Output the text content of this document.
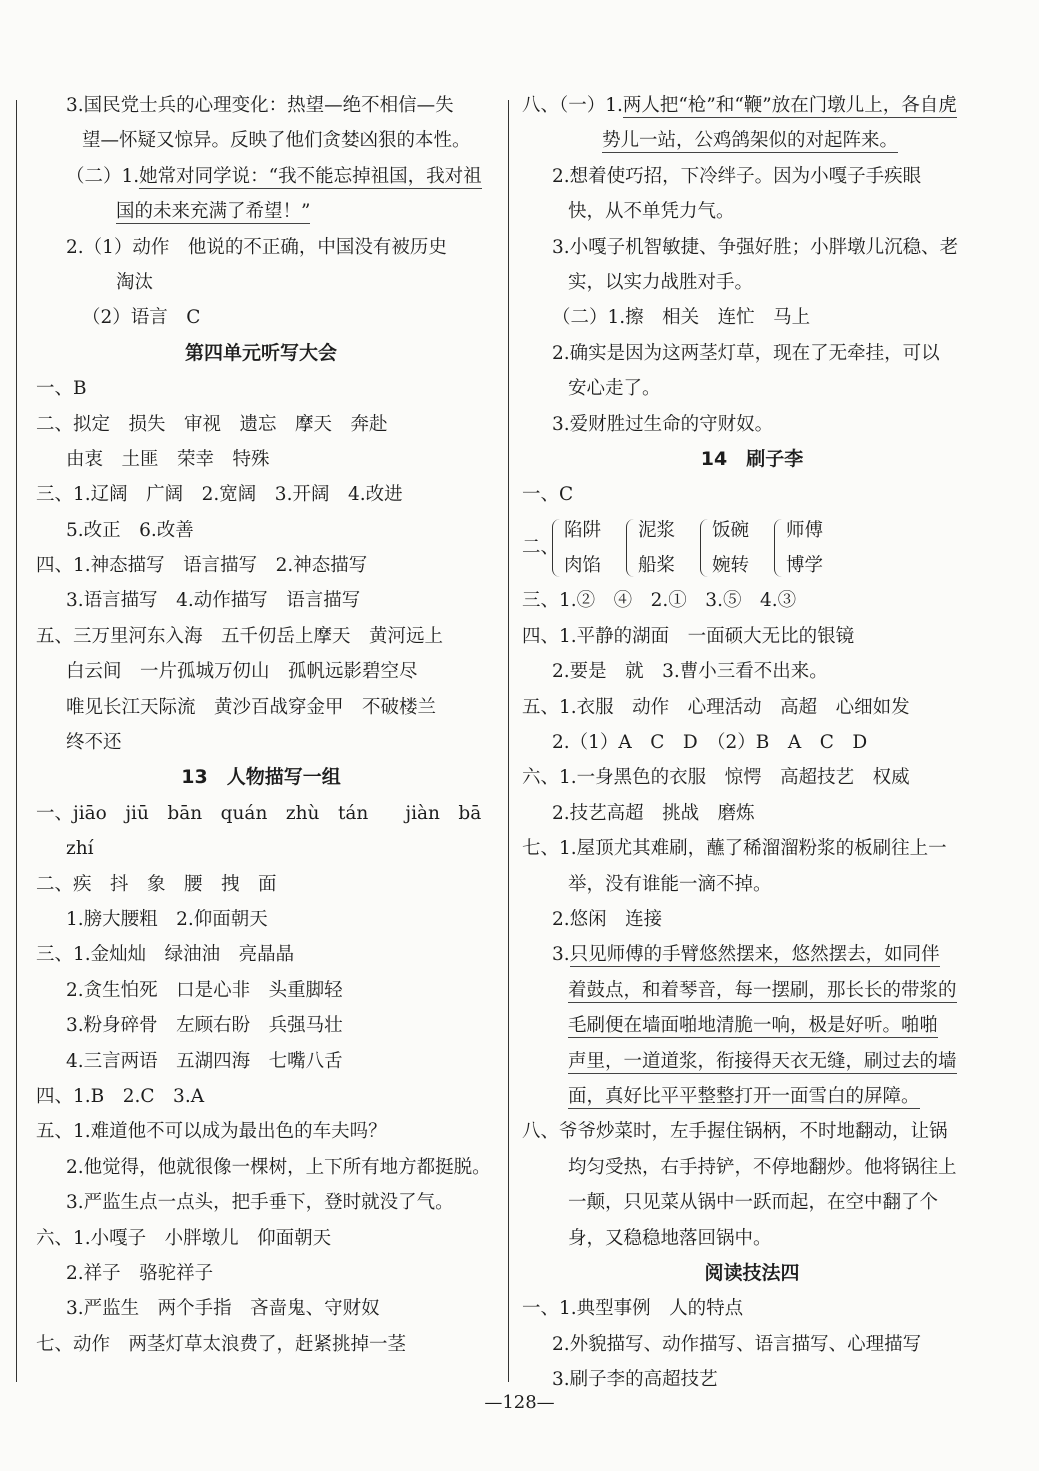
3.国民党士兵的心理变化：热望—绝不相信—失
望—怀疑又惊异。反映了他们贪婪凶狠的本性。
（二）1.她常对同学说：“我不能忘掉祖国，我对祖
国的未来充满了希望！”
2.（1）动作　他说的不正确，中国没有被历史
淘汰
（2）语言　C
第四单元听写大会
一、B
二、拟定　损失　审视　遗忘　摩天　奔赴
由衷　土匪　荣幸　特殊
三、1.辽阔　广阔　2.宽阔　3.开阔　4.改进
5.改正　6.改善
四、1.神态描写　语言描写　2.神态描写
3.语言描写　4.动作描写　语言描写
五、三万里河东入海　五千仞岳上摩天　黄河远上
白云间　一片孤城万仞山　孤帆远影碧空尽
唯见长江天际流　黄沙百战穿金甲　不破楼兰
终不还
13　人物描写一组
一、jiāo　jiū　bān　quán　zhù　tán　　jiàn　bā
zhí
二、疾　抖　象　腰　拽　面
1.膀大腰粗　2.仰面朝天
三、1.金灿灿　绿油油　亮晶晶
2.贪生怕死　口是心非　头重脚轻
3.粉身碎骨　左顾右盼　兵强马壮
4.三言两语　五湖四海　七嘴八舌
四、1.B　2.C　3.A
五、1.难道他不可以成为最出色的车夫吗？
2.他觉得，他就很像一棵树，上下所有地方都挺脱。
3.严监生点一点头，把手垂下，登时就没了气。
六、1.小嘎子　小胖墩儿　仰面朝天
2.祥子　骆驼祥子
3.严监生　两个手指　吝啬鬼、守财奴
七、动作　两茎灯草太浪费了，赶紧挑掉一茎
八、（一）1.两人把“枪”和“鞭”放在门墩儿上，各自虎
势儿一站，公鸡鸽架似的对起阵来。
2.想着使巧招，下冷绊子。因为小嘎子手疾眼
快，从不单凭力气。
3.小嘎子机智敏捷、争强好胜；小胖墩儿沉稳、老
实，以实力战胜对手。
（二）1.擦　相关　连忙　马上
2.确实是因为这两茎灯草，现在了无牵挂，可以
安心走了。
3.爱财胜过生命的守财奴。
14　刷子李
一、C
二、
陷阱
肉馅
泥浆
船桨
饭碗
婉转
师傅
博学
三、1.②　④　2.①　3.⑤　4.③
四、1.平静的湖面　一面硕大无比的银镜
2.要是　就　3.曹小三看不出来。
五、1.衣服　动作　心理活动　高超　心细如发
2.（1）A　C　D　（2）B　A　C　D
六、1.一身黑色的衣服　惊愕　高超技艺　权威
2.技艺高超　挑战　磨炼
七、1.屋顶尤其难刷，蘸了稀溜溜粉浆的板刷往上一
举，没有谁能一滴不掉。
2.悠闲　连接
3.只见师傅的手臂悠然摆来，悠然摆去，如同伴
着鼓点，和着琴音，每一摆刷，那长长的带浆的
毛刷便在墙面啪地清脆一响，极是好听。啪啪
声里，一道道浆，衔接得天衣无缝，刷过去的墙
面，真好比平平整整打开一面雪白的屏障。
八、爷爷炒菜时，左手握住锅柄，不时地翻动，让锅
均匀受热，右手持铲，不停地翻炒。他将锅往上
一颠，只见菜从锅中一跃而起，在空中翻了个
身，又稳稳地落回锅中。
阅读技法四
一、1.典型事例　人的特点
2.外貌描写、动作描写、语言描写、心理描写
3.刷子李的高超技艺
—128—
